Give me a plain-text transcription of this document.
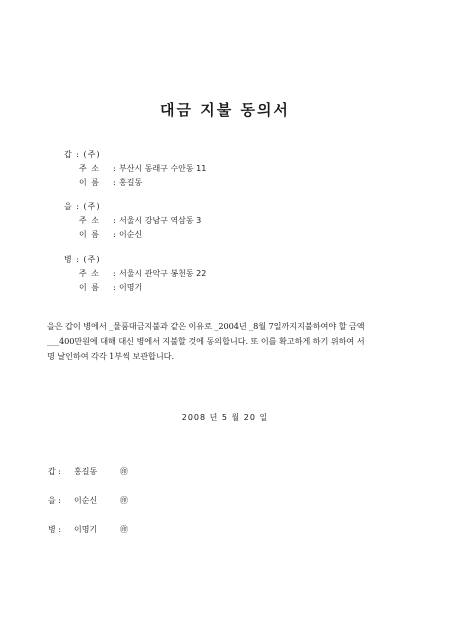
대금 지불 동의서
갑 : (주)
주 소 : 부산시 동래구 수안동 11
이 름 : 홍길동
을 : (주)
주 소 : 서울시 강남구 역삼동 3
이 름 : 이순신
병 : (주)
주 소 : 서울시 관악구 봉천동 22
이 름 : 이명기
을은 갑이 병에서 _물품대금지불과 같은 이유로 _2004년 _8월 7일까지지불하여야 할 금액
___400만원에 대해 대신 병에서 지불할 것에 동의합니다. 또 이를 확고하게 하기 위하여 서
명 날인하여 각각 1부씩 보관합니다.
2008 년 5 월 20 일
갑 : 홍길동	㊞
을 : 이순신	㊞
병 : 이명기	㊞
